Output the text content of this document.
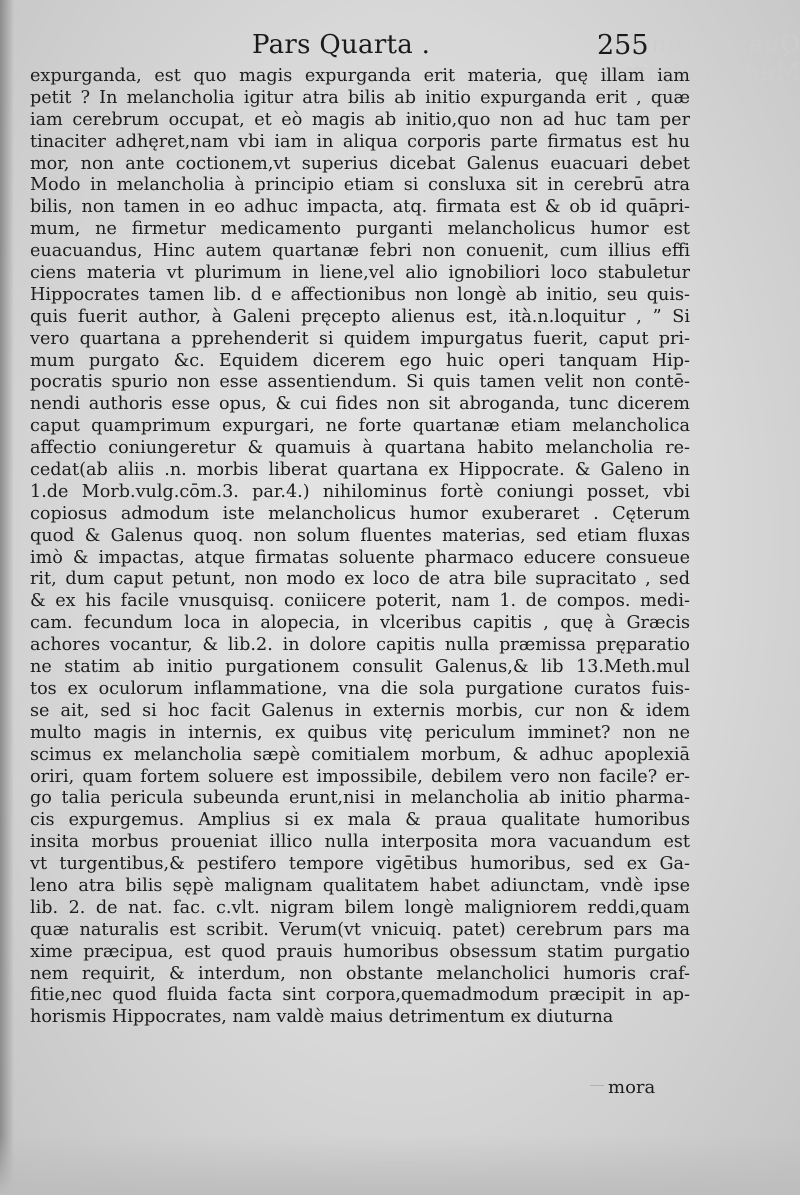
Quastionum Medicinalium
Pars Quarta .	255
expurganda, est quo magis expurganda erit materia, quę illam iam
petit ? In melancholia igitur atra bilis ab initio expurganda erit , quæ
iam cerebrum occupat, et eò magis ab initio,quo non ad huc tam per
tinaciter adhęret,nam vbi iam in aliqua corporis parte firmatus est hu
mor, non ante coctionem,vt superius dicebat Galenus euacuari debet
Modo in melancholia à principio etiam si consluxa sit in cerebrū atra
bilis, non tamen in eo adhuc impacta, atq. firmata est & ob id quāpri-
mum, ne firmetur medicamento purganti melancholicus humor est
euacuandus, Hinc autem quartanæ febri non conuenit, cum illius effi
ciens materia vt plurimum in liene,vel alio ignobiliori loco stabuletur
Hippocrates tamen lib. d e affectionibus non longè ab initio, seu quis-
quis fuerit author, à Galeni pręcepto alienus est, ità.n.loquitur , ” Si
vero quartana a pprehenderit si quidem impurgatus fuerit, caput pri-
mum purgato &c. Equidem dicerem ego huic operi tanquam Hip-
pocratis spurio non esse assentiendum. Si quis tamen velit non contē-
nendi authoris esse opus, & cui fides non sit abroganda, tunc dicerem
caput quamprimum expurgari, ne forte quartanæ etiam melancholica
affectio coniungeretur & quamuis à quartana habito melancholia re-
cedat(ab aliis .n. morbis liberat quartana ex Hippocrate. & Galeno in
1.de Morb.vulg.cōm.3. par.4.) nihilominus fortè coniungi posset, vbi
copiosus admodum iste melancholicus humor exuberaret . Cęterum
quod & Galenus quoq. non solum fluentes materias, sed etiam fluxas
imò & impactas, atque firmatas soluente pharmaco educere consueue
rit, dum caput petunt, non modo ex loco de atra bile supracitato , sed
& ex his facile vnusquisq. coniicere poterit, nam 1. de compos. medi-
cam. fecundum loca in alopecia, in vlceribus capitis , quę à Græcis
achores vocantur, & lib.2. in dolore capitis nulla præmissa pręparatio
ne statim ab initio purgationem consulit Galenus,& lib 13.Meth.mul
tos ex oculorum inflammatione, vna die sola purgatione curatos fuis-
se ait, sed si hoc facit Galenus in externis morbis, cur non & idem
multo magis in internis, ex quibus vitę periculum imminet? non ne
scimus ex melancholia sæpè comitialem morbum, & adhuc apoplexiā
oriri, quam fortem soluere est impossibile, debilem vero non facile? er-
go talia pericula subeunda erunt,nisi in melancholia ab initio pharma-
cis expurgemus. Amplius si ex mala & praua qualitate humoribus
insita morbus proueniat illico nulla interposita mora vacuandum est
vt turgentibus,& pestifero tempore vigētibus humoribus, sed ex Ga-
leno atra bilis sępè malignam qualitatem habet adiunctam, vndè ipse
lib. 2. de nat. fac. c.vlt. nigram bilem longè maligniorem reddi,quam
quæ naturalis est scribit. Verum(vt vnicuiq. patet) cerebrum pars ma
xime præcipua, est quod prauis humoribus obsessum statim purgatio
nem requirit, & interdum, non obstante melancholici humoris craf-
fitie,nec quod fluida facta sint corpora,quemadmodum præcipit in ap-
horismis Hippocrates, nam valdè maius detrimentum ex diuturna
mora
